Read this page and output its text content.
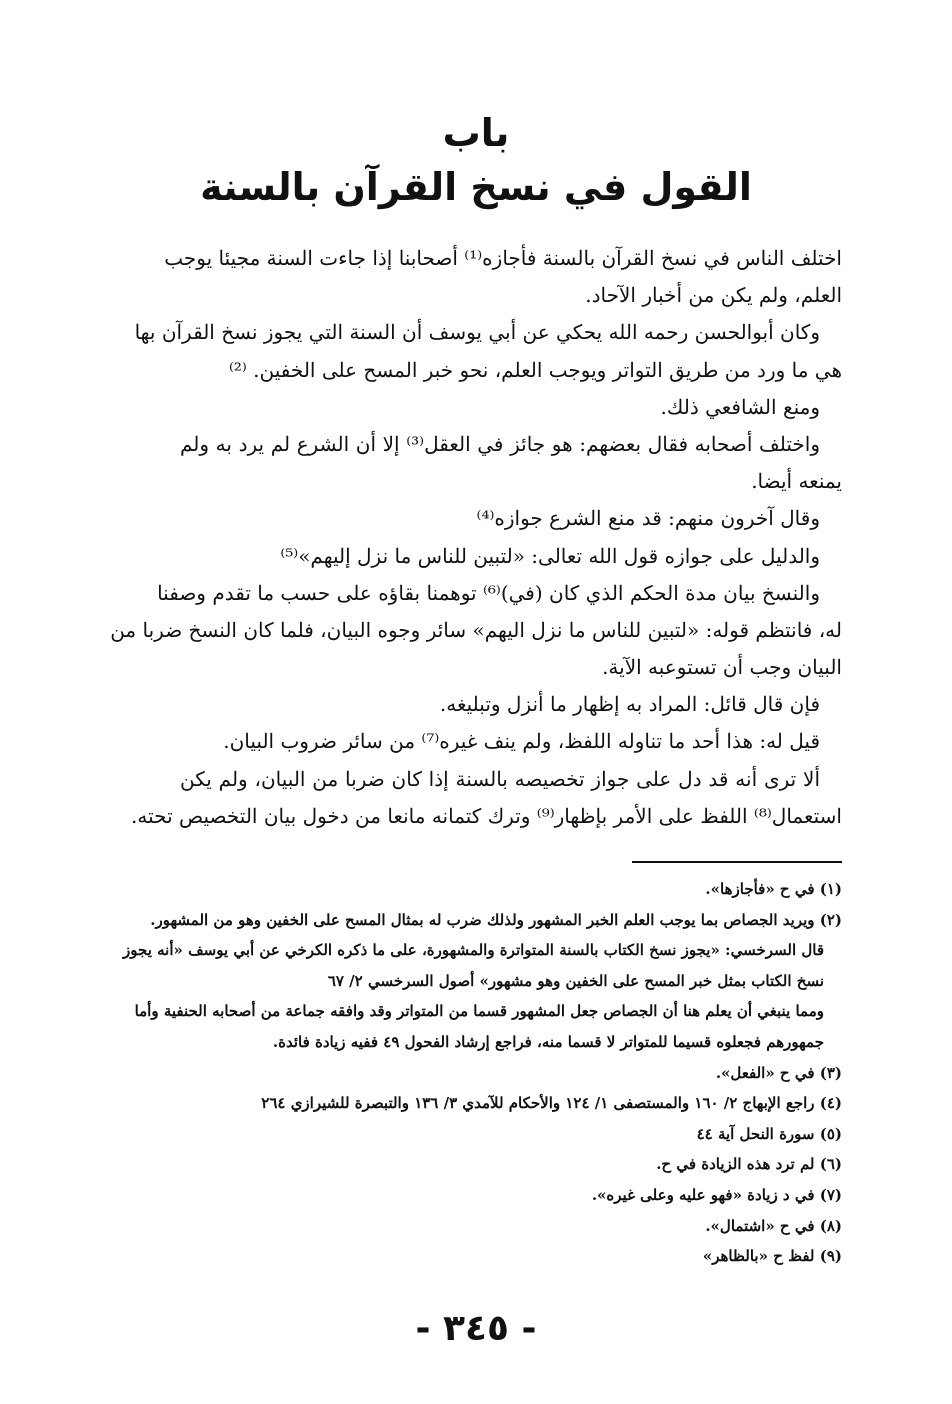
باب
القول في نسخ القرآن بالسنة
اختلف الناس في نسخ القرآن بالسنة فأجازه⁽¹⁾ أصحابنا إذا جاءت السنة مجيئا يوجب
العلم، ولم يكن من أخبار الآحاد.
وكان أبوالحسن رحمه الله يحكي عن أبي يوسف أن السنة التي يجوز نسخ القرآن بها
هي ما ورد من طريق التواتر ويوجب العلم، نحو خبر المسح على الخفين. ⁽²⁾
ومنع الشافعي ذلك.
واختلف أصحابه فقال بعضهم: هو جائز في العقل⁽³⁾ إلا أن الشرع لم يرد به ولم
يمنعه أيضا.
وقال آخرون منهم: قد منع الشرع جوازه⁽⁴⁾
والدليل على جوازه قول الله تعالى: «لتبين للناس ما نزل إليهم»⁽⁵⁾
والنسخ بيان مدة الحكم الذي كان (في)⁽⁶⁾ توهمنا بقاؤه على حسب ما تقدم وصفنا
له، فانتظم قوله: «لتبين للناس ما نزل اليهم» سائر وجوه البيان، فلما كان النسخ ضربا من
البيان وجب أن تستوعبه الآية.
فإن قال قائل: المراد به إظهار ما أنزل وتبليغه.
قيل له: هذا أحد ما تناوله اللفظ، ولم ينف غيره⁽⁷⁾ من سائر ضروب البيان.
ألا ترى أنه قد دل على جواز تخصيصه بالسنة إذا كان ضربا من البيان، ولم يكن
استعمال⁽⁸⁾ اللفظ على الأمر بإظهار⁽⁹⁾ وترك كتمانه مانعا من دخول بيان التخصيص تحته.
(١) في ح «فأجازها».
(٢) ويريد الجصاص بما يوجب العلم الخبر المشهور ولذلك ضرب له بمثال المسح على الخفين وهو من المشهور.
قال السرخسي: «يجوز نسخ الكتاب بالسنة المتواترة والمشهورة، على ما ذكره الكرخي عن أبي يوسف «أنه يجوز
نسخ الكتاب بمثل خبر المسح على الخفين وهو مشهور» أصول السرخسي ٢/ ٦٧
ومما ينبغي أن يعلم هنا أن الجصاص جعل المشهور قسما من المتواتر وقد وافقه جماعة من أصحابه الحنفية وأما
جمهورهم فجعلوه قسيما للمتواتر لا قسما منه، فراجع إرشاد الفحول ٤٩ ففيه زيادة فائدة.
(٣) في ح «الفعل».
(٤) راجع الإبهاج ٢/ ١٦٠ والمستصفى ١/ ١٢٤ والأحكام للآمدي ٣/ ١٣٦ والتبصرة للشيرازي ٢٦٤
(٥) سورة النحل آية ٤٤
(٦) لم ترد هذه الزيادة في ح.
(٧) في د زيادة «فهو عليه وعلى غيره».
(٨) في ح «اشتمال».
(٩) لفظ ح «بالظاهر»
- ٣٤٥ -
